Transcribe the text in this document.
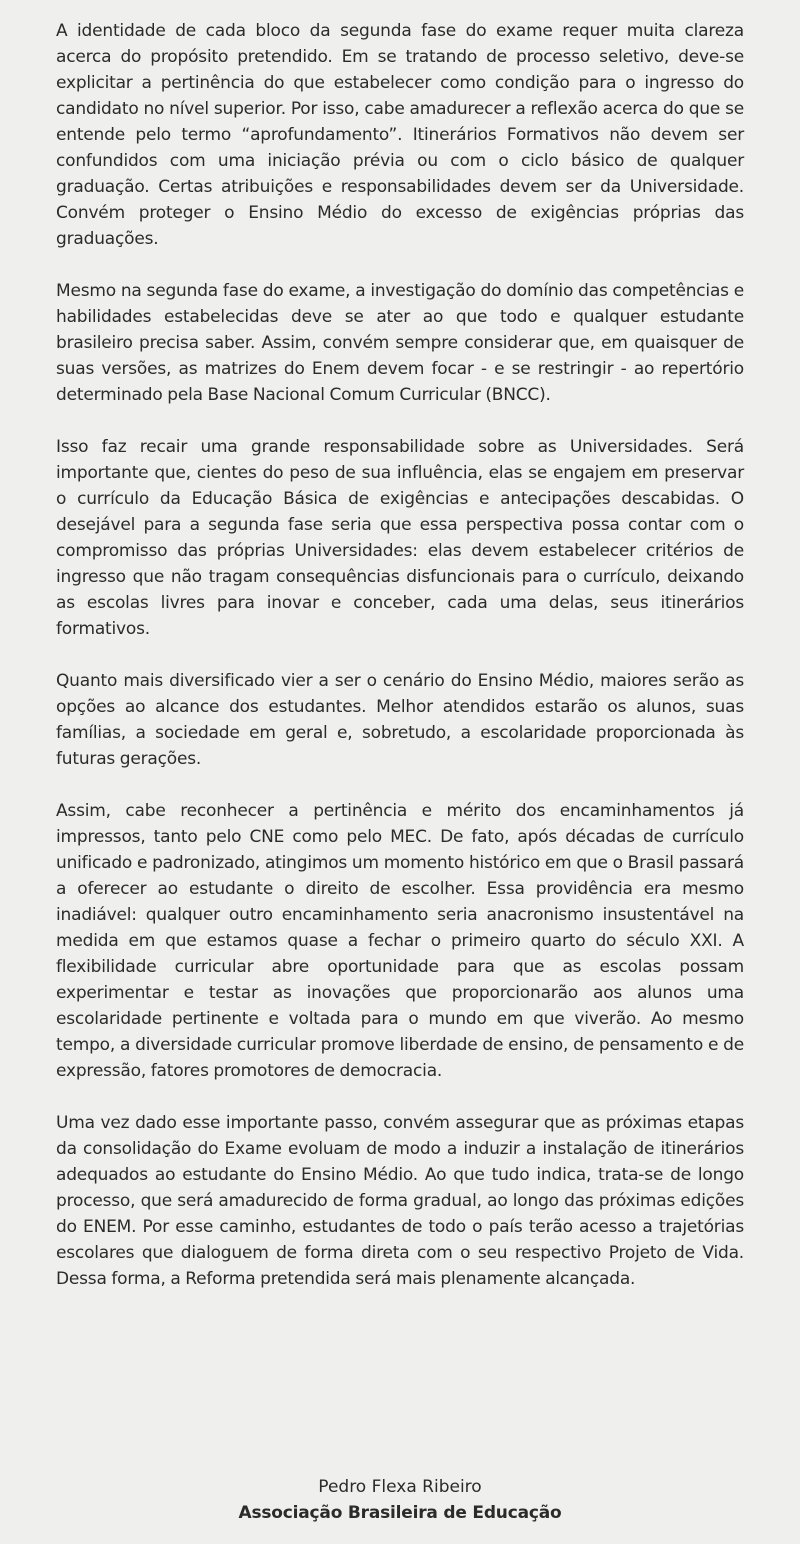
A identidade de cada bloco da segunda fase do exame requer muita clareza acerca do propósito pretendido. Em se tratando de processo seletivo, deve-se explicitar a pertinência do que estabelecer como condição para o ingresso do candidato no nível superior. Por isso, cabe amadurecer a reflexão acerca do que se entende pelo termo “aprofundamento”. Itinerários Formativos não devem ser confundidos com uma iniciação prévia ou com o ciclo básico de qualquer graduação. Certas atribuições e responsabilidades devem ser da Universidade. Convém proteger o Ensino Médio do excesso de exigências próprias das graduações.

Mesmo na segunda fase do exame, a investigação do domínio das competências e habilidades estabelecidas deve se ater ao que todo e qualquer estudante brasileiro precisa saber. Assim, convém sempre considerar que, em quaisquer de suas versões, as matrizes do Enem devem focar - e se restringir - ao repertório determinado pela Base Nacional Comum Curricular (BNCC).

Isso faz recair uma grande responsabilidade sobre as Universidades. Será importante que, cientes do peso de sua influência, elas se engajem em preservar o currículo da Educação Básica de exigências e antecipações descabidas. O desejável para a segunda fase seria que essa perspectiva possa contar com o compromisso das próprias Universidades: elas devem estabelecer critérios de ingresso que não tragam consequências disfuncionais para o currículo, deixando as escolas livres para inovar e conceber, cada uma delas, seus itinerários formativos.

Quanto mais diversificado vier a ser o cenário do Ensino Médio, maiores serão as opções ao alcance dos estudantes. Melhor atendidos estarão os alunos, suas famílias, a sociedade em geral e, sobretudo, a escolaridade proporcionada às futuras gerações.

Assim, cabe reconhecer a pertinência e mérito dos encaminhamentos já impressos, tanto pelo CNE como pelo MEC. De fato, após décadas de currículo unificado e padronizado, atingimos um momento histórico em que o Brasil passará a oferecer ao estudante o direito de escolher. Essa providência era mesmo inadiável: qualquer outro encaminhamento seria anacronismo insustentável na medida em que estamos quase a fechar o primeiro quarto do século XXI. A flexibilidade curricular abre oportunidade para que as escolas possam experimentar e testar as inovações que proporcionarão aos alunos uma escolaridade pertinente e voltada para o mundo em que viverão. Ao mesmo tempo, a diversidade curricular promove liberdade de ensino, de pensamento e de expressão, fatores promotores de democracia.

Uma vez dado esse importante passo, convém assegurar que as próximas etapas da consolidação do Exame evoluam de modo a induzir a instalação de itinerários adequados ao estudante do Ensino Médio. Ao que tudo indica, trata-se de longo processo, que será amadurecido de forma gradual, ao longo das próximas edições do ENEM. Por esse caminho, estudantes de todo o país terão acesso a trajetórias escolares que dialoguem de forma direta com o seu respectivo Projeto de Vida. Dessa forma, a Reforma pretendida será mais plenamente alcançada.

Pedro Flexa Ribeiro
Associação Brasileira de Educação
